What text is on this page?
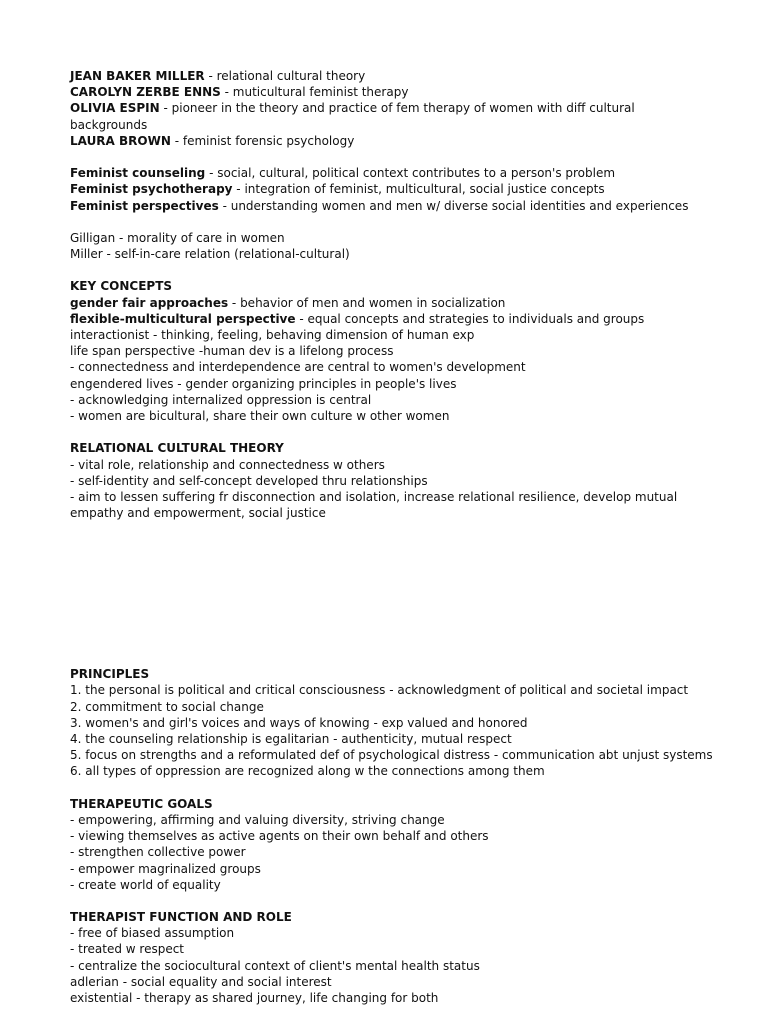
JEAN BAKER MILLER - relational cultural theory
CAROLYN ZERBE ENNS - muticultural feminist therapy
OLIVIA ESPIN - pioneer in the theory and practice of fem therapy of women with diff cultural
backgrounds
LAURA BROWN - feminist forensic psychology
Feminist counseling - social, cultural, political context contributes to a person's problem
Feminist psychotherapy - integration of feminist, multicultural, social justice concepts
Feminist perspectives - understanding women and men w/ diverse social identities and experiences
Gilligan - morality of care in women
Miller - self-in-care relation (relational-cultural)
KEY CONCEPTS
gender fair approaches - behavior of men and women in socialization
flexible-multicultural perspective - equal concepts and strategies to individuals and groups
interactionist - thinking, feeling, behaving dimension of human exp
life span perspective -human dev is a lifelong process
- connectedness and interdependence are central to women's development
engendered lives - gender organizing principles in people's lives
- acknowledging internalized oppression is central
- women are bicultural, share their own culture w other women
RELATIONAL CULTURAL THEORY
- vital role, relationship and connectedness w others
- self-identity and self-concept developed thru relationships
- aim to lessen suffering fr disconnection and isolation, increase relational resilience, develop mutual
empathy and empowerment, social justice
PRINCIPLES
1. the personal is political and critical consciousness - acknowledgment of political and societal impact
2. commitment to social change
3. women's and girl's voices and ways of knowing - exp valued and honored
4. the counseling relationship is egalitarian - authenticity, mutual respect
5. focus on strengths and a reformulated def of psychological distress - communication abt unjust systems
6. all types of oppression are recognized along w the connections among them
THERAPEUTIC GOALS
- empowering, affirming and valuing diversity, striving change
- viewing themselves as active agents on their own behalf and others
- strengthen collective power
- empower magrinalized groups
- create world of equality
THERAPIST FUNCTION AND ROLE
- free of biased assumption
- treated w respect
- centralize the sociocultural context of client's mental health status
adlerian - social equality and social interest
existential - therapy as shared journey, life changing for both
